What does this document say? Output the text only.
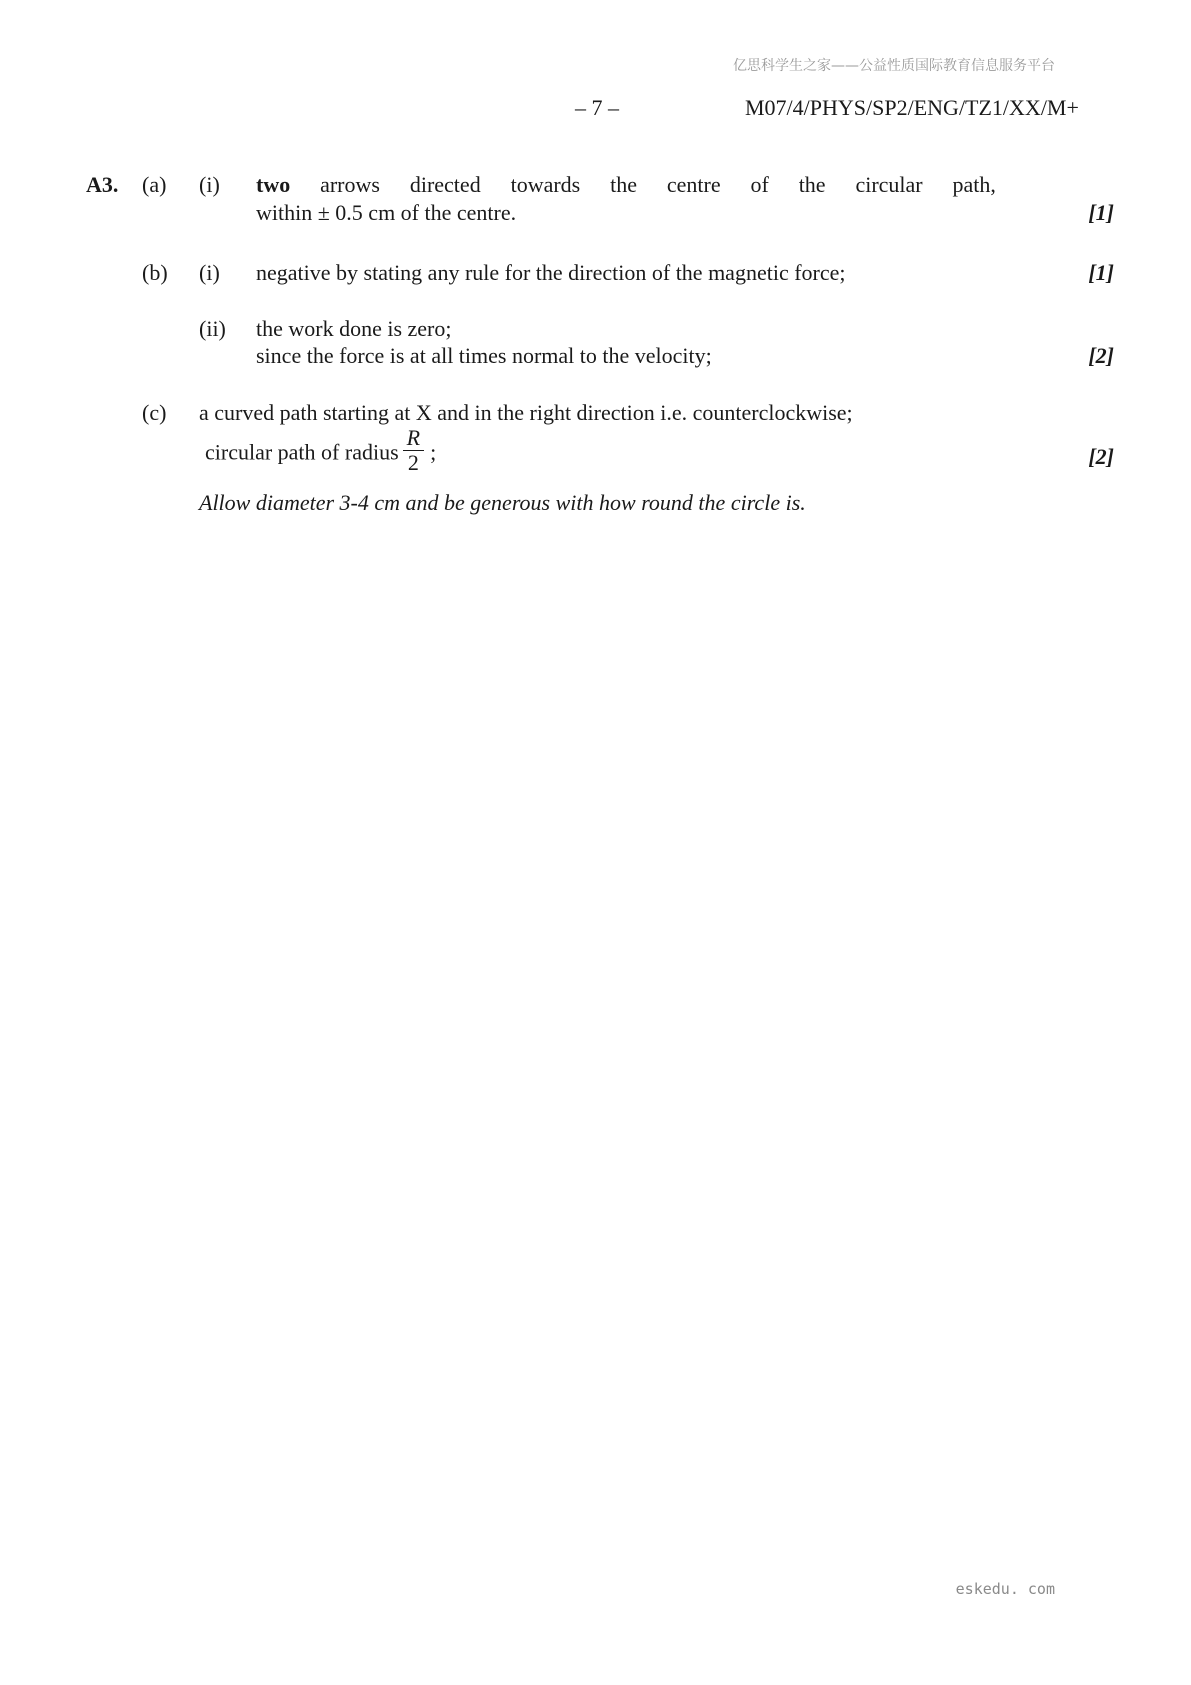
亿思科学生之家——公益性质国际教育信息服务平台
– 7 –	M07/4/PHYS/SP2/ENG/TZ1/XX/M+
A3. (a) (i) two arrows directed towards the centre of the circular path,
within ± 0.5 cm of the centre.	[1]
(b) (i) negative by stating any rule for the direction of the magnetic force;	[1]
(ii) the work done is zero;
since the force is at all times normal to the velocity;	[2]
(c) a curved path starting at X and in the right direction i.e. counterclockwise;
circular path of radius $\frac{R}{2}$ ;	[2]
Allow diameter 3-4 cm and be generous with how round the circle is.
eskedu. com
